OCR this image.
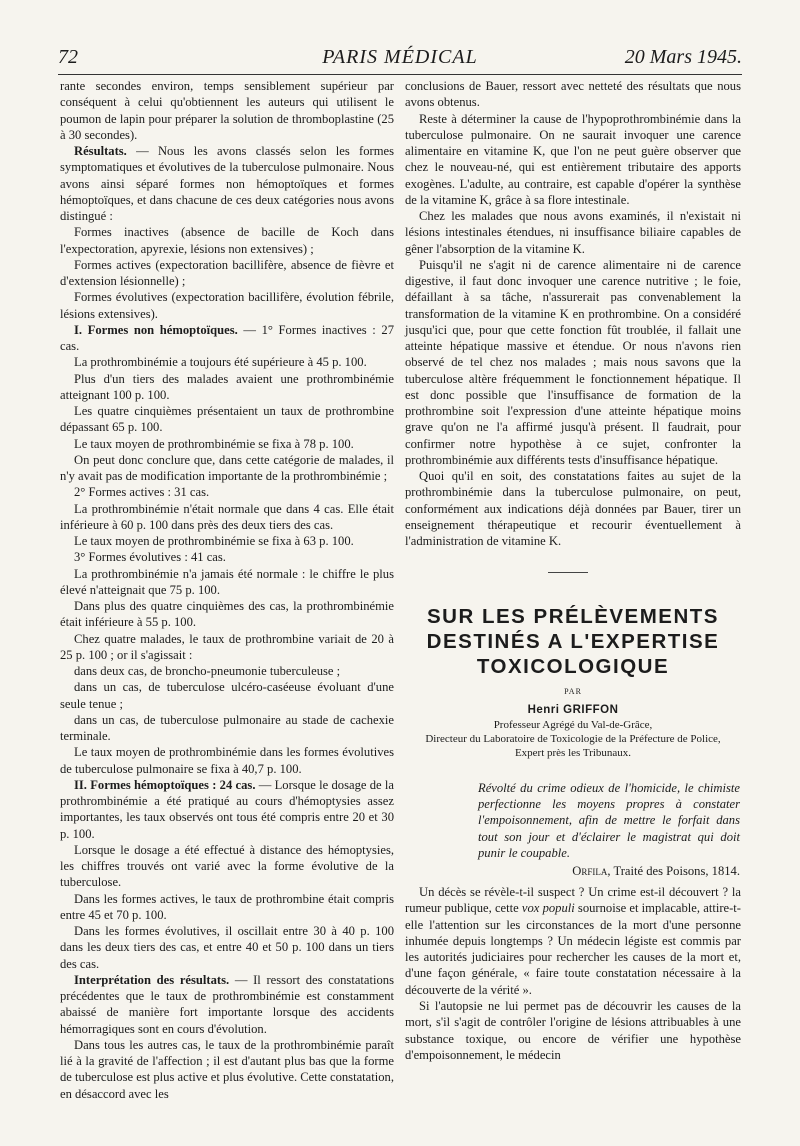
72	PARIS MÉDICAL	20 Mars 1945.

rante secondes environ, temps sensiblement supérieur par conséquent à celui qu'obtiennent les auteurs qui utilisent le poumon de lapin pour préparer la solution de thromboplastine (25 à 30 secondes).

Résultats. — Nous les avons classés selon les formes symptomatiques et évolutives de la tuberculose pulmonaire. Nous avons ainsi séparé formes non hémoptoïques et formes hémoptoïques, et dans chacune de ces deux catégories nous avons distingué :

Formes inactives (absence de bacille de Koch dans l'expectoration, apyrexie, lésions non extensives) ;

Formes actives (expectoration bacillifère, absence de fièvre et d'extension lésionnelle) ;

Formes évolutives (expectoration bacillifère, évolution fébrile, lésions extensives).

I. Formes non hémoptoïques. — 1° Formes inactives : 27 cas.

La prothrombinémie a toujours été supérieure à 45 p. 100.

Plus d'un tiers des malades avaient une prothrombinémie atteignant 100 p. 100.

Les quatre cinquièmes présentaient un taux de prothrombine dépassant 65 p. 100.

Le taux moyen de prothrombinémie se fixa à 78 p. 100.

On peut donc conclure que, dans cette catégorie de malades, il n'y avait pas de modification importante de la prothrombinémie ;

2° Formes actives : 31 cas.

La prothrombinémie n'était normale que dans 4 cas. Elle était inférieure à 60 p. 100 dans près des deux tiers des cas.

Le taux moyen de prothrombinémie se fixa à 63 p. 100.

3° Formes évolutives : 41 cas.

La prothrombinémie n'a jamais été normale : le chiffre le plus élevé n'atteignait que 75 p. 100.

Dans plus des quatre cinquièmes des cas, la prothrombinémie était inférieure à 55 p. 100.

Chez quatre malades, le taux de prothrombine variait de 20 à 25 p. 100 ; or il s'agissait :

dans deux cas, de broncho-pneumonie tuberculeuse ;

dans un cas, de tuberculose ulcéro-caséeuse évoluant d'une seule tenue ;

dans un cas, de tuberculose pulmonaire au stade de cachexie terminale.

Le taux moyen de prothrombinémie dans les formes évolutives de tuberculose pulmonaire se fixa à 40,7 p. 100.

II. Formes hémoptoïques : 24 cas. — Lorsque le dosage de la prothrombinémie a été pratiqué au cours d'hémoptysies assez importantes, les taux observés ont tous été compris entre 20 et 30 p. 100.

Lorsque le dosage a été effectué à distance des hémoptysies, les chiffres trouvés ont varié avec la forme évolutive de la tuberculose.

Dans les formes actives, le taux de prothrombine était compris entre 45 et 70 p. 100.

Dans les formes évolutives, il oscillait entre 30 à 40 p. 100 dans les deux tiers des cas, et entre 40 et 50 p. 100 dans un tiers des cas.

Interprétation des résultats. — Il ressort des constatations précédentes que le taux de prothrombinémie est constamment abaissé de manière fort importante lorsque des accidents hémorragiques sont en cours d'évolution.

Dans tous les autres cas, le taux de la prothrombinémie paraît lié à la gravité de l'affection ; il est d'autant plus bas que la forme de tuberculose est plus active et plus évolutive. Cette constatation, en désaccord avec les

conclusions de Bauer, ressort avec netteté des résultats que nous avons obtenus.

Reste à déterminer la cause de l'hypoprothrombinémie dans la tuberculose pulmonaire. On ne saurait invoquer une carence alimentaire en vitamine K, que l'on ne peut guère observer que chez le nouveau-né, qui est entièrement tributaire des apports exogènes. L'adulte, au contraire, est capable d'opérer la synthèse de la vitamine K, grâce à sa flore intestinale.

Chez les malades que nous avons examinés, il n'existait ni lésions intestinales étendues, ni insuffisance biliaire capables de gêner l'absorption de la vitamine K.

Puisqu'il ne s'agit ni de carence alimentaire ni de carence digestive, il faut donc invoquer une carence nutritive ; le foie, défaillant à sa tâche, n'assurerait pas convenablement la transformation de la vitamine K en prothrombine. On a considéré jusqu'ici que, pour que cette fonction fût troublée, il fallait une atteinte hépatique massive et étendue. Or nous n'avons rien observé de tel chez nos malades ; mais nous savons que la tuberculose altère fréquemment le fonctionnement hépatique. Il est donc possible que l'insuffisance de formation de la prothrombine soit l'expression d'une atteinte hépatique moins grave qu'on ne l'a affirmé jusqu'à présent. Il faudrait, pour confirmer notre hypothèse à ce sujet, confronter la prothrombinémie aux différents tests d'insuffisance hépatique.

Quoi qu'il en soit, des constatations faites au sujet de la prothrombinémie dans la tuberculose pulmonaire, on peut, conformément aux indications déjà données par Bauer, tirer un enseignement thérapeutique et recourir éventuellement à l'administration de vitamine K.

SUR LES PRÉLÈVEMENTS
DESTINÉS A L'EXPERTISE
TOXICOLOGIQUE
PAR
Henri GRIFFON
Professeur Agrégé du Val-de-Grâce,
Directeur du Laboratoire de Toxicologie de la Préfecture de Police,
Expert près les Tribunaux.
Révolté du crime odieux de l'homicide, le chimiste perfectionne les moyens propres à constater l'empoisonnement, afin de mettre le forfait dans tout son jour et d'éclairer le magistrat qui doit punir le coupable.
Orfila, Traité des Poisons, 1814.

Un décès se révèle-t-il suspect ? Un crime est-il découvert ? la rumeur publique, cette vox populi sournoise et implacable, attire-t-elle l'attention sur les circonstances de la mort d'une personne inhumée depuis longtemps ? Un médecin légiste est commis par les autorités judiciaires pour rechercher les causes de la mort et, d'une façon générale, « faire toute constatation nécessaire à la découverte de la vérité ».

Si l'autopsie ne lui permet pas de découvrir les causes de la mort, s'il s'agit de contrôler l'origine de lésions attribuables à une substance toxique, ou encore de vérifier une hypothèse d'empoisonnement, le médecin
